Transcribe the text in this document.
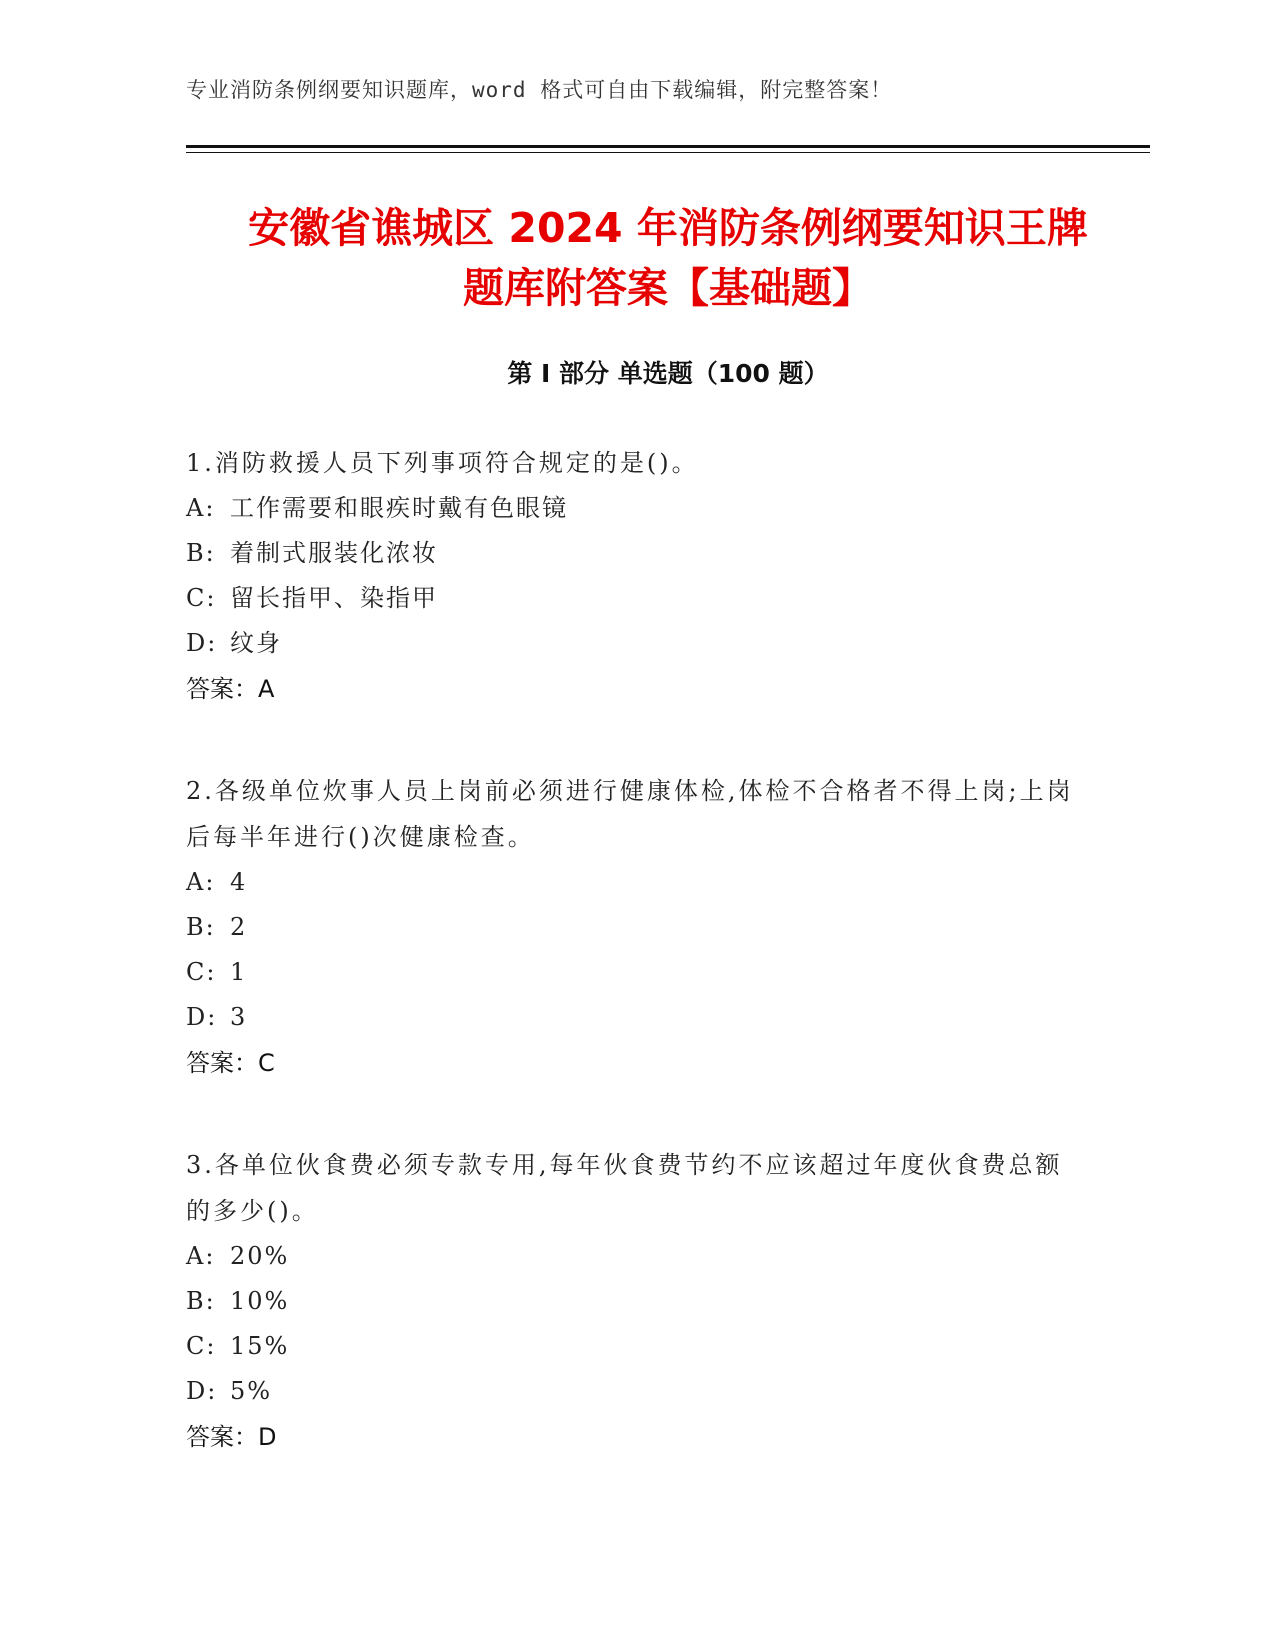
专业消防条例纲要知识题库，word 格式可自由下载编辑，附完整答案！
安徽省谯城区 2024 年消防条例纲要知识王牌
题库附答案【基础题】
第 I 部分 单选题（100 题）
1.消防救援人员下列事项符合规定的是()。
A: 工作需要和眼疾时戴有色眼镜
B: 着制式服装化浓妆
C: 留长指甲、染指甲
D: 纹身
答案：A
2.各级单位炊事人员上岗前必须进行健康体检,体检不合格者不得上岗;上岗后每半年进行()次健康检查。
A: 4
B: 2
C: 1
D: 3
答案：C
3.各单位伙食费必须专款专用,每年伙食费节约不应该超过年度伙食费总额的多少()。
A: 20%
B: 10%
C: 15%
D: 5%
答案：D
